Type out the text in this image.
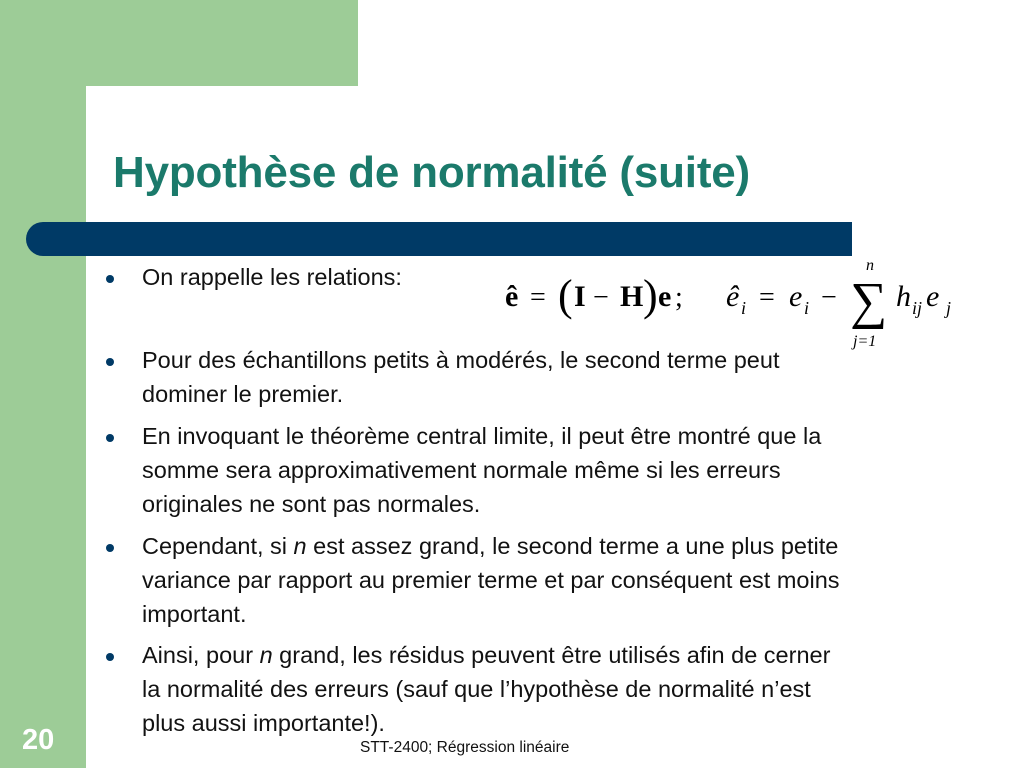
Hypothèse de normalité (suite)
On rappelle les relations:
Pour des échantillons petits à modérés, le second terme peut
dominer le premier.
En invoquant le théorème central limite, il peut être montré que la
somme sera approximativement normale même si les erreurs
originales ne sont pas normales.
Cependant, si n est assez grand, le second terme a une plus petite
variance par rapport au premier terme et par conséquent est moins
important.
Ainsi, pour n grand, les résidus peuvent être utilisés afin de cerner
la normalité des erreurs (sauf que l’hypothèse de normalité n’est
plus aussi importante!).
ê = ( I − H ) e ; ê i = e i −
n
∑
j=1
h ij e j
STT-2400; Régression linéaire
20
